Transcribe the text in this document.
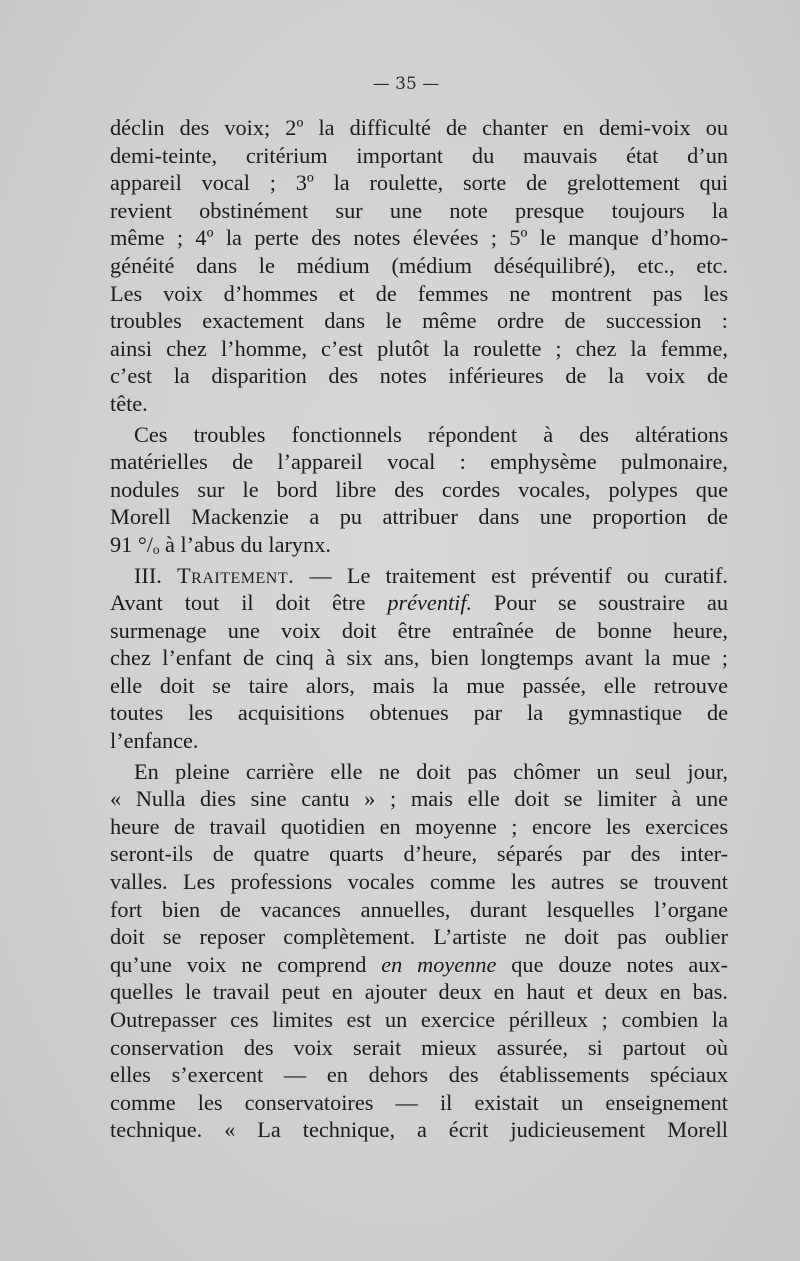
— 35 —
déclin des voix; 2º la difficulté de chanter en demi-voix ou
demi-teinte, critérium important du mauvais état d’un
appareil vocal ; 3º la roulette, sorte de grelottement qui
revient obstinément sur une note presque toujours la
même ; 4º la perte des notes élevées ; 5º le manque d’homo-
généité dans le médium (médium déséquilibré), etc., etc.
Les voix d’hommes et de femmes ne montrent pas les
troubles exactement dans le même ordre de succession :
ainsi chez l’homme, c’est plutôt la roulette ; chez la femme,
c’est la disparition des notes inférieures de la voix de
tête.
Ces troubles fonctionnels répondent à des altérations
matérielles de l’appareil vocal : emphysème pulmonaire,
nodules sur le bord libre des cordes vocales, polypes que
Morell Mackenzie a pu attribuer dans une proportion de
91 °/ₒ à l’abus du larynx.
III. Traitement. — Le traitement est préventif ou curatif.
Avant tout il doit être préventif. Pour se soustraire au
surmenage une voix doit être entraînée de bonne heure,
chez l’enfant de cinq à six ans, bien longtemps avant la mue ;
elle doit se taire alors, mais la mue passée, elle retrouve
toutes les acquisitions obtenues par la gymnastique de
l’enfance.
En pleine carrière elle ne doit pas chômer un seul jour,
« Nulla dies sine cantu » ; mais elle doit se limiter à une
heure de travail quotidien en moyenne ; encore les exercices
seront-ils de quatre quarts d’heure, séparés par des inter-
valles. Les professions vocales comme les autres se trouvent
fort bien de vacances annuelles, durant lesquelles l’organe
doit se reposer complètement. L’artiste ne doit pas oublier
qu’une voix ne comprend en moyenne que douze notes aux-
quelles le travail peut en ajouter deux en haut et deux en bas.
Outrepasser ces limites est un exercice périlleux ; combien la
conservation des voix serait mieux assurée, si partout où
elles s’exercent — en dehors des établissements spéciaux
comme les conservatoires — il existait un enseignement
technique. « La technique, a écrit judicieusement Morell
